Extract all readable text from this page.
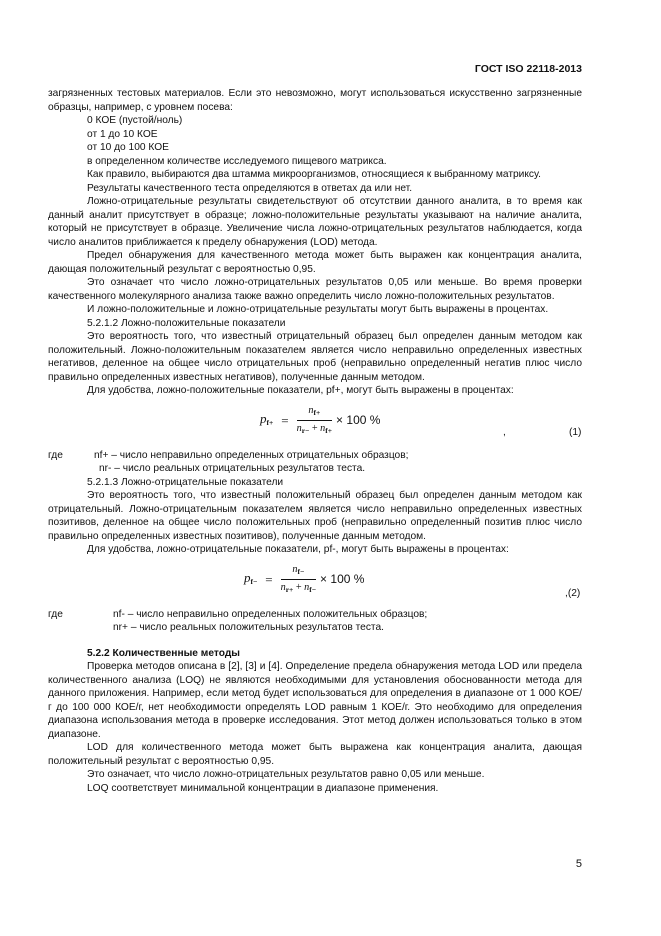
ГОСТ ISO 22118-2013

загрязненных тестовых материалов. Если это невозможно, могут использоваться искусственно загрязненные образцы, например, с уровнем посева:

0 КОЕ (пустой/ноль)

от 1 до 10 КОЕ

от 10 до 100 КОЕ

в определенном количестве исследуемого пищевого матрикса.

Как правило, выбираются два штамма микроорганизмов, относящиеся к выбранному матриксу.

Результаты качественного теста определяются в ответах да или нет.

Ложно-отрицательные результаты свидетельствуют об отсутствии данного аналита, в то время как данный аналит присутствует в образце; ложно-положительные результаты указывают на наличие аналита, который не присутствует в образце. Увеличение числа ложно-отрицательных результатов наблюдается, когда число аналитов приближается к пределу обнаружения (LOD) метода.

Предел обнаружения для качественного метода может быть выражен как концентрация аналита, дающая положительный результат с вероятностью 0,95.

Это означает что число ложно-отрицательных результатов 0,05 или меньше. Во время проверки качественного молекулярного анализа также важно определить число ложно-положительных результатов.

И ложно-положительные и ложно-отрицательные результаты могут быть выражены в процентах.

5.2.1.2 Ложно-положительные показатели

Это вероятность того, что известный отрицательный образец был определен данным методом как положительный. Ложно-положительным показателем является число неправильно определенных известных негативов, деленное на общее число отрицательных проб (неправильно определенный негатив плюс число правильно определенных известных негативов), полученные данным методом.

Для удобства, ложно-положительные показатели, pf+, могут быть выражены в процентах:

$p_{f+} = \frac{n_{f+}}{n_{r-} + n_{f+}} \times 100$ %
,	(1)
где	nf+ – число неправильно определенных отрицательных образцов;
nr- – число реальных отрицательных результатов теста.

5.2.1.3 Ложно-отрицательные показатели

Это вероятность того, что известный положительный образец был определен данным методом как отрицательный. Ложно-отрицательным показателем является число неправильно определенных известных позитивов, деленное на общее число положительных проб (неправильно определенный позитив плюс число правильно определенных известных позитивов), полученные данным методом.

Для удобства, ложно-отрицательные показатели, pf-, могут быть выражены в процентах:

$p_{f-} = \frac{n_{f-}}{n_{r+} + n_{f-}} \times 100$ %
,(2)
где	nf- – число неправильно определенных положительных образцов;
nr+ – число реальных положительных результатов теста.

5.2.2 Количественные методы

Проверка методов описана в [2], [3] и [4]. Определение предела обнаружения метода LOD или предела количественного анализа (LOQ) не являются необходимыми для установления обоснованности метода для данного приложения. Например, если метод будет использоваться для определения в диапазоне от 1 000 КОЕ/г до 100 000 КОЕ/г, нет необходимости определять LOD равным 1 КОЕ/г. Это необходимо для определения диапазона использования метода в проверке исследования. Этот метод должен использоваться только в этом диапазоне.

LOD для количественного метода может быть выражена как концентрация аналита, дающая положительный результат с вероятностью 0,95.

Это означает, что число ложно-отрицательных результатов равно 0,05 или меньше.

LOQ соответствует минимальной концентрации в диапазоне применения.

5
